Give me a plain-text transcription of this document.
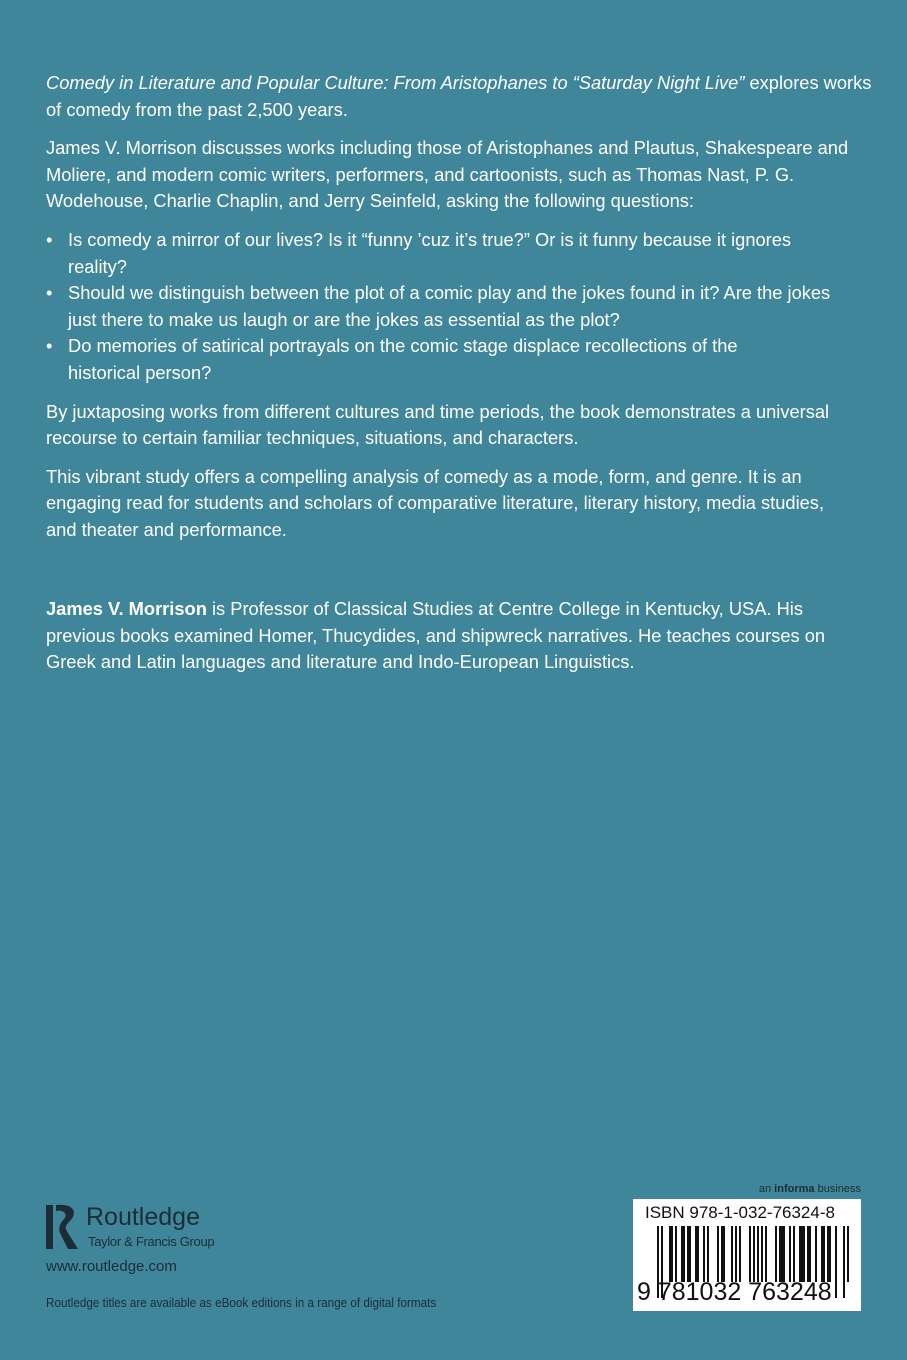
Comedy in Literature and Popular Culture: From Aristophanes to “Saturday Night Live” explores works
of comedy from the past 2,500 years.
James V. Morrison discusses works including those of Aristophanes and Plautus, Shakespeare and
Moliere, and modern comic writers, performers, and cartoonists, such as Thomas Nast, P. G.
Wodehouse, Charlie Chaplin, and Jerry Seinfeld, asking the following questions:
• Is comedy a mirror of our lives? Is it “funny ’cuz it’s true?” Or is it funny because it ignores
reality?
• Should we distinguish between the plot of a comic play and the jokes found in it? Are the jokes
just there to make us laugh or are the jokes as essential as the plot?
• Do memories of satirical portrayals on the comic stage displace recollections of the
historical person?
By juxtaposing works from different cultures and time periods, the book demonstrates a universal
recourse to certain familiar techniques, situations, and characters.
This vibrant study offers a compelling analysis of comedy as a mode, form, and genre. It is an
engaging read for students and scholars of comparative literature, literary history, media studies,
and theater and performance.
James V. Morrison is Professor of Classical Studies at Centre College in Kentucky, USA. His
previous books examined Homer, Thucydides, and shipwreck narratives. He teaches courses on
Greek and Latin languages and literature and Indo-European Linguistics.
Routledge
Taylor & Francis Group
www.routledge.com
Routledge titles are available as eBook editions in a range of digital formats
an informa business
ISBN 978-1-032-76324-8
9 781032 763248
